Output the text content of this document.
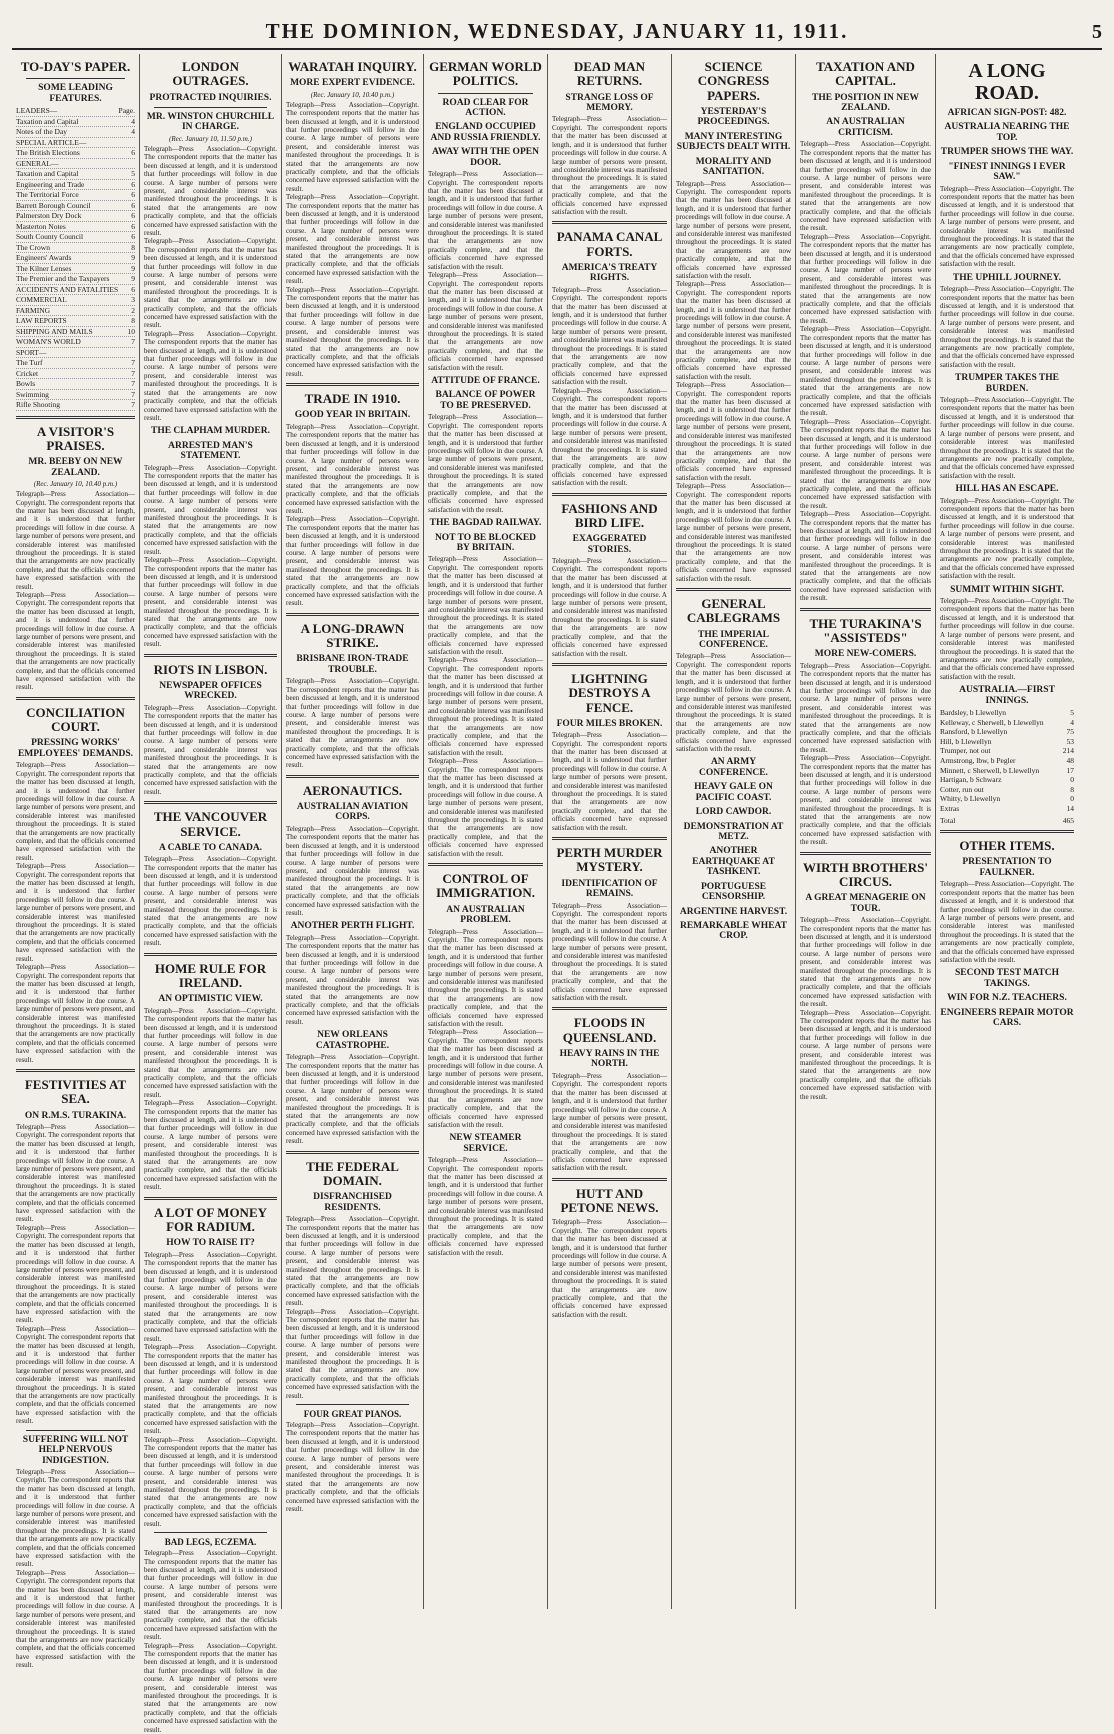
THE DOMINION, WEDNESDAY, JANUARY 11, 1911.	5
TO-DAY'S PAPER.
SOME LEADING FEATURES.
LEADERS—	Page.
Taxation and Capital	4
Notes of the Day	4
SPECIAL ARTICLE—
The British Elections	6
GENERAL—
Taxation and Capital	5
Engineering and Trade	6
The Territorial Force	6
Barrett Borough Council	6
Palmerston Dry Dock	6
Masterton Notes	6
South County Council	6
The Crown	8
Engineers' Awards	9
The Kilner Lenses	9
The Premier and the Taxpayers	9
ACCIDENTS AND FATALITIES 6
COMMERCIAL	3
FARMING	2
LAW REPORTS	8
SHIPPING AND MAILS	10
WOMAN'S WORLD	7
SPORT—
The Turf	7
Cricket	7
Bowls	7
Swimming	7
Rifle Shooting	7
A VISITOR'S PRAISES.
MR. BEEBY ON NEW ZEALAND.
(Rec. January 10, 10.40 p.m.)

Telegraph—Press Association—Copyright. The correspondent reports that the matter has been discussed at length, and it is understood that further proceedings will follow in due course. A large number of persons were present, and considerable interest was manifested throughout the proceedings. It is stated that the arrangements are now practically complete, and that the officials concerned have expressed satisfaction with the result.

Telegraph—Press Association—Copyright. The correspondent reports that the matter has been discussed at length, and it is understood that further proceedings will follow in due course. A large number of persons were present, and considerable interest was manifested throughout the proceedings. It is stated that the arrangements are now practically complete, and that the officials concerned have expressed satisfaction with the result.

CONCILIATION COURT.
PRESSING WORKS' EMPLOYEES' DEMANDS.

Telegraph—Press Association—Copyright. The correspondent reports that the matter has been discussed at length, and it is understood that further proceedings will follow in due course. A large number of persons were present, and considerable interest was manifested throughout the proceedings. It is stated that the arrangements are now practically complete, and that the officials concerned have expressed satisfaction with the result.

Telegraph—Press Association—Copyright. The correspondent reports that the matter has been discussed at length, and it is understood that further proceedings will follow in due course. A large number of persons were present, and considerable interest was manifested throughout the proceedings. It is stated that the arrangements are now practically complete, and that the officials concerned have expressed satisfaction with the result.

Telegraph—Press Association—Copyright. The correspondent reports that the matter has been discussed at length, and it is understood that further proceedings will follow in due course. A large number of persons were present, and considerable interest was manifested throughout the proceedings. It is stated that the arrangements are now practically complete, and that the officials concerned have expressed satisfaction with the result.

FESTIVITIES AT SEA.
ON R.M.S. TURAKINA.

Telegraph—Press Association—Copyright. The correspondent reports that the matter has been discussed at length, and it is understood that further proceedings will follow in due course. A large number of persons were present, and considerable interest was manifested throughout the proceedings. It is stated that the arrangements are now practically complete, and that the officials concerned have expressed satisfaction with the result.

Telegraph—Press Association—Copyright. The correspondent reports that the matter has been discussed at length, and it is understood that further proceedings will follow in due course. A large number of persons were present, and considerable interest was manifested throughout the proceedings. It is stated that the arrangements are now practically complete, and that the officials concerned have expressed satisfaction with the result.

Telegraph—Press Association—Copyright. The correspondent reports that the matter has been discussed at length, and it is understood that further proceedings will follow in due course. A large number of persons were present, and considerable interest was manifested throughout the proceedings. It is stated that the arrangements are now practically complete, and that the officials concerned have expressed satisfaction with the result.

SUFFERING WILL NOT HELP NERVOUS INDIGESTION.

Telegraph—Press Association—Copyright. The correspondent reports that the matter has been discussed at length, and it is understood that further proceedings will follow in due course. A large number of persons were present, and considerable interest was manifested throughout the proceedings. It is stated that the arrangements are now practically complete, and that the officials concerned have expressed satisfaction with the result.

Telegraph—Press Association—Copyright. The correspondent reports that the matter has been discussed at length, and it is understood that further proceedings will follow in due course. A large number of persons were present, and considerable interest was manifested throughout the proceedings. It is stated that the arrangements are now practically complete, and that the officials concerned have expressed satisfaction with the result.

LONDON OUTRAGES.
PROTRACTED INQUIRIES.
MR. WINSTON CHURCHILL IN CHARGE.
(Rec. January 10, 11.50 p.m.)

Telegraph—Press Association—Copyright. The correspondent reports that the matter has been discussed at length, and it is understood that further proceedings will follow in due course. A large number of persons were present, and considerable interest was manifested throughout the proceedings. It is stated that the arrangements are now practically complete, and that the officials concerned have expressed satisfaction with the result.

Telegraph—Press Association—Copyright. The correspondent reports that the matter has been discussed at length, and it is understood that further proceedings will follow in due course. A large number of persons were present, and considerable interest was manifested throughout the proceedings. It is stated that the arrangements are now practically complete, and that the officials concerned have expressed satisfaction with the result.

Telegraph—Press Association—Copyright. The correspondent reports that the matter has been discussed at length, and it is understood that further proceedings will follow in due course. A large number of persons were present, and considerable interest was manifested throughout the proceedings. It is stated that the arrangements are now practically complete, and that the officials concerned have expressed satisfaction with the result.

THE CLAPHAM MURDER.
ARRESTED MAN'S STATEMENT.

Telegraph—Press Association—Copyright. The correspondent reports that the matter has been discussed at length, and it is understood that further proceedings will follow in due course. A large number of persons were present, and considerable interest was manifested throughout the proceedings. It is stated that the arrangements are now practically complete, and that the officials concerned have expressed satisfaction with the result.

Telegraph—Press Association—Copyright. The correspondent reports that the matter has been discussed at length, and it is understood that further proceedings will follow in due course. A large number of persons were present, and considerable interest was manifested throughout the proceedings. It is stated that the arrangements are now practically complete, and that the officials concerned have expressed satisfaction with the result.

RIOTS IN LISBON.
NEWSPAPER OFFICES WRECKED.

Telegraph—Press Association—Copyright. The correspondent reports that the matter has been discussed at length, and it is understood that further proceedings will follow in due course. A large number of persons were present, and considerable interest was manifested throughout the proceedings. It is stated that the arrangements are now practically complete, and that the officials concerned have expressed satisfaction with the result.

THE VANCOUVER SERVICE.
A CABLE TO CANADA.

Telegraph—Press Association—Copyright. The correspondent reports that the matter has been discussed at length, and it is understood that further proceedings will follow in due course. A large number of persons were present, and considerable interest was manifested throughout the proceedings. It is stated that the arrangements are now practically complete, and that the officials concerned have expressed satisfaction with the result.

HOME RULE FOR IRELAND.
AN OPTIMISTIC VIEW.

Telegraph—Press Association—Copyright. The correspondent reports that the matter has been discussed at length, and it is understood that further proceedings will follow in due course. A large number of persons were present, and considerable interest was manifested throughout the proceedings. It is stated that the arrangements are now practically complete, and that the officials concerned have expressed satisfaction with the result.

Telegraph—Press Association—Copyright. The correspondent reports that the matter has been discussed at length, and it is understood that further proceedings will follow in due course. A large number of persons were present, and considerable interest was manifested throughout the proceedings. It is stated that the arrangements are now practically complete, and that the officials concerned have expressed satisfaction with the result.

A LOT OF MONEY FOR RADIUM.
HOW TO RAISE IT?

Telegraph—Press Association—Copyright. The correspondent reports that the matter has been discussed at length, and it is understood that further proceedings will follow in due course. A large number of persons were present, and considerable interest was manifested throughout the proceedings. It is stated that the arrangements are now practically complete, and that the officials concerned have expressed satisfaction with the result.

Telegraph—Press Association—Copyright. The correspondent reports that the matter has been discussed at length, and it is understood that further proceedings will follow in due course. A large number of persons were present, and considerable interest was manifested throughout the proceedings. It is stated that the arrangements are now practically complete, and that the officials concerned have expressed satisfaction with the result.

Telegraph—Press Association—Copyright. The correspondent reports that the matter has been discussed at length, and it is understood that further proceedings will follow in due course. A large number of persons were present, and considerable interest was manifested throughout the proceedings. It is stated that the arrangements are now practically complete, and that the officials concerned have expressed satisfaction with the result.

BAD LEGS, ECZEMA.

Telegraph—Press Association—Copyright. The correspondent reports that the matter has been discussed at length, and it is understood that further proceedings will follow in due course. A large number of persons were present, and considerable interest was manifested throughout the proceedings. It is stated that the arrangements are now practically complete, and that the officials concerned have expressed satisfaction with the result.

Telegraph—Press Association—Copyright. The correspondent reports that the matter has been discussed at length, and it is understood that further proceedings will follow in due course. A large number of persons were present, and considerable interest was manifested throughout the proceedings. It is stated that the arrangements are now practically complete, and that the officials concerned have expressed satisfaction with the result.

WARATAH INQUIRY.
MORE EXPERT EVIDENCE.
(Rec. January 10, 10.40 p.m.)

Telegraph—Press Association—Copyright. The correspondent reports that the matter has been discussed at length, and it is understood that further proceedings will follow in due course. A large number of persons were present, and considerable interest was manifested throughout the proceedings. It is stated that the arrangements are now practically complete, and that the officials concerned have expressed satisfaction with the result.

Telegraph—Press Association—Copyright. The correspondent reports that the matter has been discussed at length, and it is understood that further proceedings will follow in due course. A large number of persons were present, and considerable interest was manifested throughout the proceedings. It is stated that the arrangements are now practically complete, and that the officials concerned have expressed satisfaction with the result.

Telegraph—Press Association—Copyright. The correspondent reports that the matter has been discussed at length, and it is understood that further proceedings will follow in due course. A large number of persons were present, and considerable interest was manifested throughout the proceedings. It is stated that the arrangements are now practically complete, and that the officials concerned have expressed satisfaction with the result.

TRADE IN 1910.
GOOD YEAR IN BRITAIN.

Telegraph—Press Association—Copyright. The correspondent reports that the matter has been discussed at length, and it is understood that further proceedings will follow in due course. A large number of persons were present, and considerable interest was manifested throughout the proceedings. It is stated that the arrangements are now practically complete, and that the officials concerned have expressed satisfaction with the result.

Telegraph—Press Association—Copyright. The correspondent reports that the matter has been discussed at length, and it is understood that further proceedings will follow in due course. A large number of persons were present, and considerable interest was manifested throughout the proceedings. It is stated that the arrangements are now practically complete, and that the officials concerned have expressed satisfaction with the result.

A LONG-DRAWN STRIKE.
BRISBANE IRON-TRADE TROUBLE.

Telegraph—Press Association—Copyright. The correspondent reports that the matter has been discussed at length, and it is understood that further proceedings will follow in due course. A large number of persons were present, and considerable interest was manifested throughout the proceedings. It is stated that the arrangements are now practically complete, and that the officials concerned have expressed satisfaction with the result.

AERONAUTICS.
AUSTRALIAN AVIATION CORPS.

Telegraph—Press Association—Copyright. The correspondent reports that the matter has been discussed at length, and it is understood that further proceedings will follow in due course. A large number of persons were present, and considerable interest was manifested throughout the proceedings. It is stated that the arrangements are now practically complete, and that the officials concerned have expressed satisfaction with the result.

ANOTHER PERTH FLIGHT.

Telegraph—Press Association—Copyright. The correspondent reports that the matter has been discussed at length, and it is understood that further proceedings will follow in due course. A large number of persons were present, and considerable interest was manifested throughout the proceedings. It is stated that the arrangements are now practically complete, and that the officials concerned have expressed satisfaction with the result.

NEW ORLEANS CATASTROPHE.

Telegraph—Press Association—Copyright. The correspondent reports that the matter has been discussed at length, and it is understood that further proceedings will follow in due course. A large number of persons were present, and considerable interest was manifested throughout the proceedings. It is stated that the arrangements are now practically complete, and that the officials concerned have expressed satisfaction with the result.

THE FEDERAL DOMAIN.
DISFRANCHISED RESIDENTS.

Telegraph—Press Association—Copyright. The correspondent reports that the matter has been discussed at length, and it is understood that further proceedings will follow in due course. A large number of persons were present, and considerable interest was manifested throughout the proceedings. It is stated that the arrangements are now practically complete, and that the officials concerned have expressed satisfaction with the result.

Telegraph—Press Association—Copyright. The correspondent reports that the matter has been discussed at length, and it is understood that further proceedings will follow in due course. A large number of persons were present, and considerable interest was manifested throughout the proceedings. It is stated that the arrangements are now practically complete, and that the officials concerned have expressed satisfaction with the result.

FOUR GREAT PIANOS.

Telegraph—Press Association—Copyright. The correspondent reports that the matter has been discussed at length, and it is understood that further proceedings will follow in due course. A large number of persons were present, and considerable interest was manifested throughout the proceedings. It is stated that the arrangements are now practically complete, and that the officials concerned have expressed satisfaction with the result.

GERMAN WORLD POLITICS.
ROAD CLEAR FOR ACTION.
ENGLAND OCCUPIED AND RUSSIA FRIENDLY.
AWAY WITH THE OPEN DOOR.

Telegraph—Press Association—Copyright. The correspondent reports that the matter has been discussed at length, and it is understood that further proceedings will follow in due course. A large number of persons were present, and considerable interest was manifested throughout the proceedings. It is stated that the arrangements are now practically complete, and that the officials concerned have expressed satisfaction with the result.

Telegraph—Press Association—Copyright. The correspondent reports that the matter has been discussed at length, and it is understood that further proceedings will follow in due course. A large number of persons were present, and considerable interest was manifested throughout the proceedings. It is stated that the arrangements are now practically complete, and that the officials concerned have expressed satisfaction with the result.

ATTITUDE OF FRANCE.
BALANCE OF POWER TO BE PRESERVED.

Telegraph—Press Association—Copyright. The correspondent reports that the matter has been discussed at length, and it is understood that further proceedings will follow in due course. A large number of persons were present, and considerable interest was manifested throughout the proceedings. It is stated that the arrangements are now practically complete, and that the officials concerned have expressed satisfaction with the result.

THE BAGDAD RAILWAY.
NOT TO BE BLOCKED BY BRITAIN.

Telegraph—Press Association—Copyright. The correspondent reports that the matter has been discussed at length, and it is understood that further proceedings will follow in due course. A large number of persons were present, and considerable interest was manifested throughout the proceedings. It is stated that the arrangements are now practically complete, and that the officials concerned have expressed satisfaction with the result.

Telegraph—Press Association—Copyright. The correspondent reports that the matter has been discussed at length, and it is understood that further proceedings will follow in due course. A large number of persons were present, and considerable interest was manifested throughout the proceedings. It is stated that the arrangements are now practically complete, and that the officials concerned have expressed satisfaction with the result.

Telegraph—Press Association—Copyright. The correspondent reports that the matter has been discussed at length, and it is understood that further proceedings will follow in due course. A large number of persons were present, and considerable interest was manifested throughout the proceedings. It is stated that the arrangements are now practically complete, and that the officials concerned have expressed satisfaction with the result.

CONTROL OF IMMIGRATION.
AN AUSTRALIAN PROBLEM.

Telegraph—Press Association—Copyright. The correspondent reports that the matter has been discussed at length, and it is understood that further proceedings will follow in due course. A large number of persons were present, and considerable interest was manifested throughout the proceedings. It is stated that the arrangements are now practically complete, and that the officials concerned have expressed satisfaction with the result.

Telegraph—Press Association—Copyright. The correspondent reports that the matter has been discussed at length, and it is understood that further proceedings will follow in due course. A large number of persons were present, and considerable interest was manifested throughout the proceedings. It is stated that the arrangements are now practically complete, and that the officials concerned have expressed satisfaction with the result.

NEW STEAMER SERVICE.

Telegraph—Press Association—Copyright. The correspondent reports that the matter has been discussed at length, and it is understood that further proceedings will follow in due course. A large number of persons were present, and considerable interest was manifested throughout the proceedings. It is stated that the arrangements are now practically complete, and that the officials concerned have expressed satisfaction with the result.

DEAD MAN RETURNS.
STRANGE LOSS OF MEMORY.

Telegraph—Press Association—Copyright. The correspondent reports that the matter has been discussed at length, and it is understood that further proceedings will follow in due course. A large number of persons were present, and considerable interest was manifested throughout the proceedings. It is stated that the arrangements are now practically complete, and that the officials concerned have expressed satisfaction with the result.

PANAMA CANAL FORTS.
AMERICA'S TREATY RIGHTS.

Telegraph—Press Association—Copyright. The correspondent reports that the matter has been discussed at length, and it is understood that further proceedings will follow in due course. A large number of persons were present, and considerable interest was manifested throughout the proceedings. It is stated that the arrangements are now practically complete, and that the officials concerned have expressed satisfaction with the result.

Telegraph—Press Association—Copyright. The correspondent reports that the matter has been discussed at length, and it is understood that further proceedings will follow in due course. A large number of persons were present, and considerable interest was manifested throughout the proceedings. It is stated that the arrangements are now practically complete, and that the officials concerned have expressed satisfaction with the result.

FASHIONS AND BIRD LIFE.
EXAGGERATED STORIES.

Telegraph—Press Association—Copyright. The correspondent reports that the matter has been discussed at length, and it is understood that further proceedings will follow in due course. A large number of persons were present, and considerable interest was manifested throughout the proceedings. It is stated that the arrangements are now practically complete, and that the officials concerned have expressed satisfaction with the result.

LIGHTNING DESTROYS A FENCE.
FOUR MILES BROKEN.

Telegraph—Press Association—Copyright. The correspondent reports that the matter has been discussed at length, and it is understood that further proceedings will follow in due course. A large number of persons were present, and considerable interest was manifested throughout the proceedings. It is stated that the arrangements are now practically complete, and that the officials concerned have expressed satisfaction with the result.

PERTH MURDER MYSTERY.
IDENTIFICATION OF REMAINS.

Telegraph—Press Association—Copyright. The correspondent reports that the matter has been discussed at length, and it is understood that further proceedings will follow in due course. A large number of persons were present, and considerable interest was manifested throughout the proceedings. It is stated that the arrangements are now practically complete, and that the officials concerned have expressed satisfaction with the result.

FLOODS IN QUEENSLAND.
HEAVY RAINS IN THE NORTH.

Telegraph—Press Association—Copyright. The correspondent reports that the matter has been discussed at length, and it is understood that further proceedings will follow in due course. A large number of persons were present, and considerable interest was manifested throughout the proceedings. It is stated that the arrangements are now practically complete, and that the officials concerned have expressed satisfaction with the result.

HUTT AND PETONE NEWS.

Telegraph—Press Association—Copyright. The correspondent reports that the matter has been discussed at length, and it is understood that further proceedings will follow in due course. A large number of persons were present, and considerable interest was manifested throughout the proceedings. It is stated that the arrangements are now practically complete, and that the officials concerned have expressed satisfaction with the result.

SCIENCE CONGRESS PAPERS.
YESTERDAY'S PROCEEDINGS.
MANY INTERESTING SUBJECTS DEALT WITH.
MORALITY AND SANITATION.

Telegraph—Press Association—Copyright. The correspondent reports that the matter has been discussed at length, and it is understood that further proceedings will follow in due course. A large number of persons were present, and considerable interest was manifested throughout the proceedings. It is stated that the arrangements are now practically complete, and that the officials concerned have expressed satisfaction with the result.

Telegraph—Press Association—Copyright. The correspondent reports that the matter has been discussed at length, and it is understood that further proceedings will follow in due course. A large number of persons were present, and considerable interest was manifested throughout the proceedings. It is stated that the arrangements are now practically complete, and that the officials concerned have expressed satisfaction with the result.

Telegraph—Press Association—Copyright. The correspondent reports that the matter has been discussed at length, and it is understood that further proceedings will follow in due course. A large number of persons were present, and considerable interest was manifested throughout the proceedings. It is stated that the arrangements are now practically complete, and that the officials concerned have expressed satisfaction with the result.

Telegraph—Press Association—Copyright. The correspondent reports that the matter has been discussed at length, and it is understood that further proceedings will follow in due course. A large number of persons were present, and considerable interest was manifested throughout the proceedings. It is stated that the arrangements are now practically complete, and that the officials concerned have expressed satisfaction with the result.

GENERAL CABLEGRAMS
THE IMPERIAL CONFERENCE.

Telegraph—Press Association—Copyright. The correspondent reports that the matter has been discussed at length, and it is understood that further proceedings will follow in due course. A large number of persons were present, and considerable interest was manifested throughout the proceedings. It is stated that the arrangements are now practically complete, and that the officials concerned have expressed satisfaction with the result.

AN ARMY CONFERENCE.
HEAVY GALE ON PACIFIC COAST.
LORD CAWDOR.
DEMONSTRATION AT METZ.
ANOTHER EARTHQUAKE AT TASHKENT.
PORTUGUESE CENSORSHIP.
ARGENTINE HARVEST.
REMARKABLE WHEAT CROP.
TAXATION AND CAPITAL.
THE POSITION IN NEW ZEALAND.
AN AUSTRALIAN CRITICISM.

Telegraph—Press Association—Copyright. The correspondent reports that the matter has been discussed at length, and it is understood that further proceedings will follow in due course. A large number of persons were present, and considerable interest was manifested throughout the proceedings. It is stated that the arrangements are now practically complete, and that the officials concerned have expressed satisfaction with the result.

Telegraph—Press Association—Copyright. The correspondent reports that the matter has been discussed at length, and it is understood that further proceedings will follow in due course. A large number of persons were present, and considerable interest was manifested throughout the proceedings. It is stated that the arrangements are now practically complete, and that the officials concerned have expressed satisfaction with the result.

Telegraph—Press Association—Copyright. The correspondent reports that the matter has been discussed at length, and it is understood that further proceedings will follow in due course. A large number of persons were present, and considerable interest was manifested throughout the proceedings. It is stated that the arrangements are now practically complete, and that the officials concerned have expressed satisfaction with the result.

Telegraph—Press Association—Copyright. The correspondent reports that the matter has been discussed at length, and it is understood that further proceedings will follow in due course. A large number of persons were present, and considerable interest was manifested throughout the proceedings. It is stated that the arrangements are now practically complete, and that the officials concerned have expressed satisfaction with the result.

Telegraph—Press Association—Copyright. The correspondent reports that the matter has been discussed at length, and it is understood that further proceedings will follow in due course. A large number of persons were present, and considerable interest was manifested throughout the proceedings. It is stated that the arrangements are now practically complete, and that the officials concerned have expressed satisfaction with the result.

THE TURAKINA'S "ASSISTEDS"
MORE NEW-COMERS.

Telegraph—Press Association—Copyright. The correspondent reports that the matter has been discussed at length, and it is understood that further proceedings will follow in due course. A large number of persons were present, and considerable interest was manifested throughout the proceedings. It is stated that the arrangements are now practically complete, and that the officials concerned have expressed satisfaction with the result.

Telegraph—Press Association—Copyright. The correspondent reports that the matter has been discussed at length, and it is understood that further proceedings will follow in due course. A large number of persons were present, and considerable interest was manifested throughout the proceedings. It is stated that the arrangements are now practically complete, and that the officials concerned have expressed satisfaction with the result.

WIRTH BROTHERS' CIRCUS.
A GREAT MENAGERIE ON TOUR.

Telegraph—Press Association—Copyright. The correspondent reports that the matter has been discussed at length, and it is understood that further proceedings will follow in due course. A large number of persons were present, and considerable interest was manifested throughout the proceedings. It is stated that the arrangements are now practically complete, and that the officials concerned have expressed satisfaction with the result.

Telegraph—Press Association—Copyright. The correspondent reports that the matter has been discussed at length, and it is understood that further proceedings will follow in due course. A large number of persons were present, and considerable interest was manifested throughout the proceedings. It is stated that the arrangements are now practically complete, and that the officials concerned have expressed satisfaction with the result.

A LONG ROAD.
AFRICAN SIGN-POST: 482.
AUSTRALIA NEARING THE TOP.
TRUMPER SHOWS THE WAY.
"FINEST INNINGS I EVER SAW."

Telegraph—Press Association—Copyright. The correspondent reports that the matter has been discussed at length, and it is understood that further proceedings will follow in due course. A large number of persons were present, and considerable interest was manifested throughout the proceedings. It is stated that the arrangements are now practically complete, and that the officials concerned have expressed satisfaction with the result.

THE UPHILL JOURNEY.

Telegraph—Press Association—Copyright. The correspondent reports that the matter has been discussed at length, and it is understood that further proceedings will follow in due course. A large number of persons were present, and considerable interest was manifested throughout the proceedings. It is stated that the arrangements are now practically complete, and that the officials concerned have expressed satisfaction with the result.

TRUMPER TAKES THE BURDEN.

Telegraph—Press Association—Copyright. The correspondent reports that the matter has been discussed at length, and it is understood that further proceedings will follow in due course. A large number of persons were present, and considerable interest was manifested throughout the proceedings. It is stated that the arrangements are now practically complete, and that the officials concerned have expressed satisfaction with the result.

HILL HAS AN ESCAPE.

Telegraph—Press Association—Copyright. The correspondent reports that the matter has been discussed at length, and it is understood that further proceedings will follow in due course. A large number of persons were present, and considerable interest was manifested throughout the proceedings. It is stated that the arrangements are now practically complete, and that the officials concerned have expressed satisfaction with the result.

SUMMIT WITHIN SIGHT.

Telegraph—Press Association—Copyright. The correspondent reports that the matter has been discussed at length, and it is understood that further proceedings will follow in due course. A large number of persons were present, and considerable interest was manifested throughout the proceedings. It is stated that the arrangements are now practically complete, and that the officials concerned have expressed satisfaction with the result.

AUSTRALIA.—FIRST INNINGS.
Bardsley, b Llewellyn	5
Kelleway, c Sherwell, b Llewellyn	4
Ransford, b Llewellyn	75
Hill, b Llewellyn	53
Trumper, not out	214
Armstrong, lbw, b Pegler	48
Minnett, c Sherwell, b Llewellyn	17
Hartigan, b Schwarz	0
Cotter, run out	8
Whitty, b Llewellyn	0
Extras	14
Total	465
OTHER ITEMS.
PRESENTATION TO FAULKNER.

Telegraph—Press Association—Copyright. The correspondent reports that the matter has been discussed at length, and it is understood that further proceedings will follow in due course. A large number of persons were present, and considerable interest was manifested throughout the proceedings. It is stated that the arrangements are now practically complete, and that the officials concerned have expressed satisfaction with the result.

SECOND TEST MATCH TAKINGS.
WIN FOR N.Z. TEACHERS.
ENGINEERS REPAIR MOTOR CARS.
